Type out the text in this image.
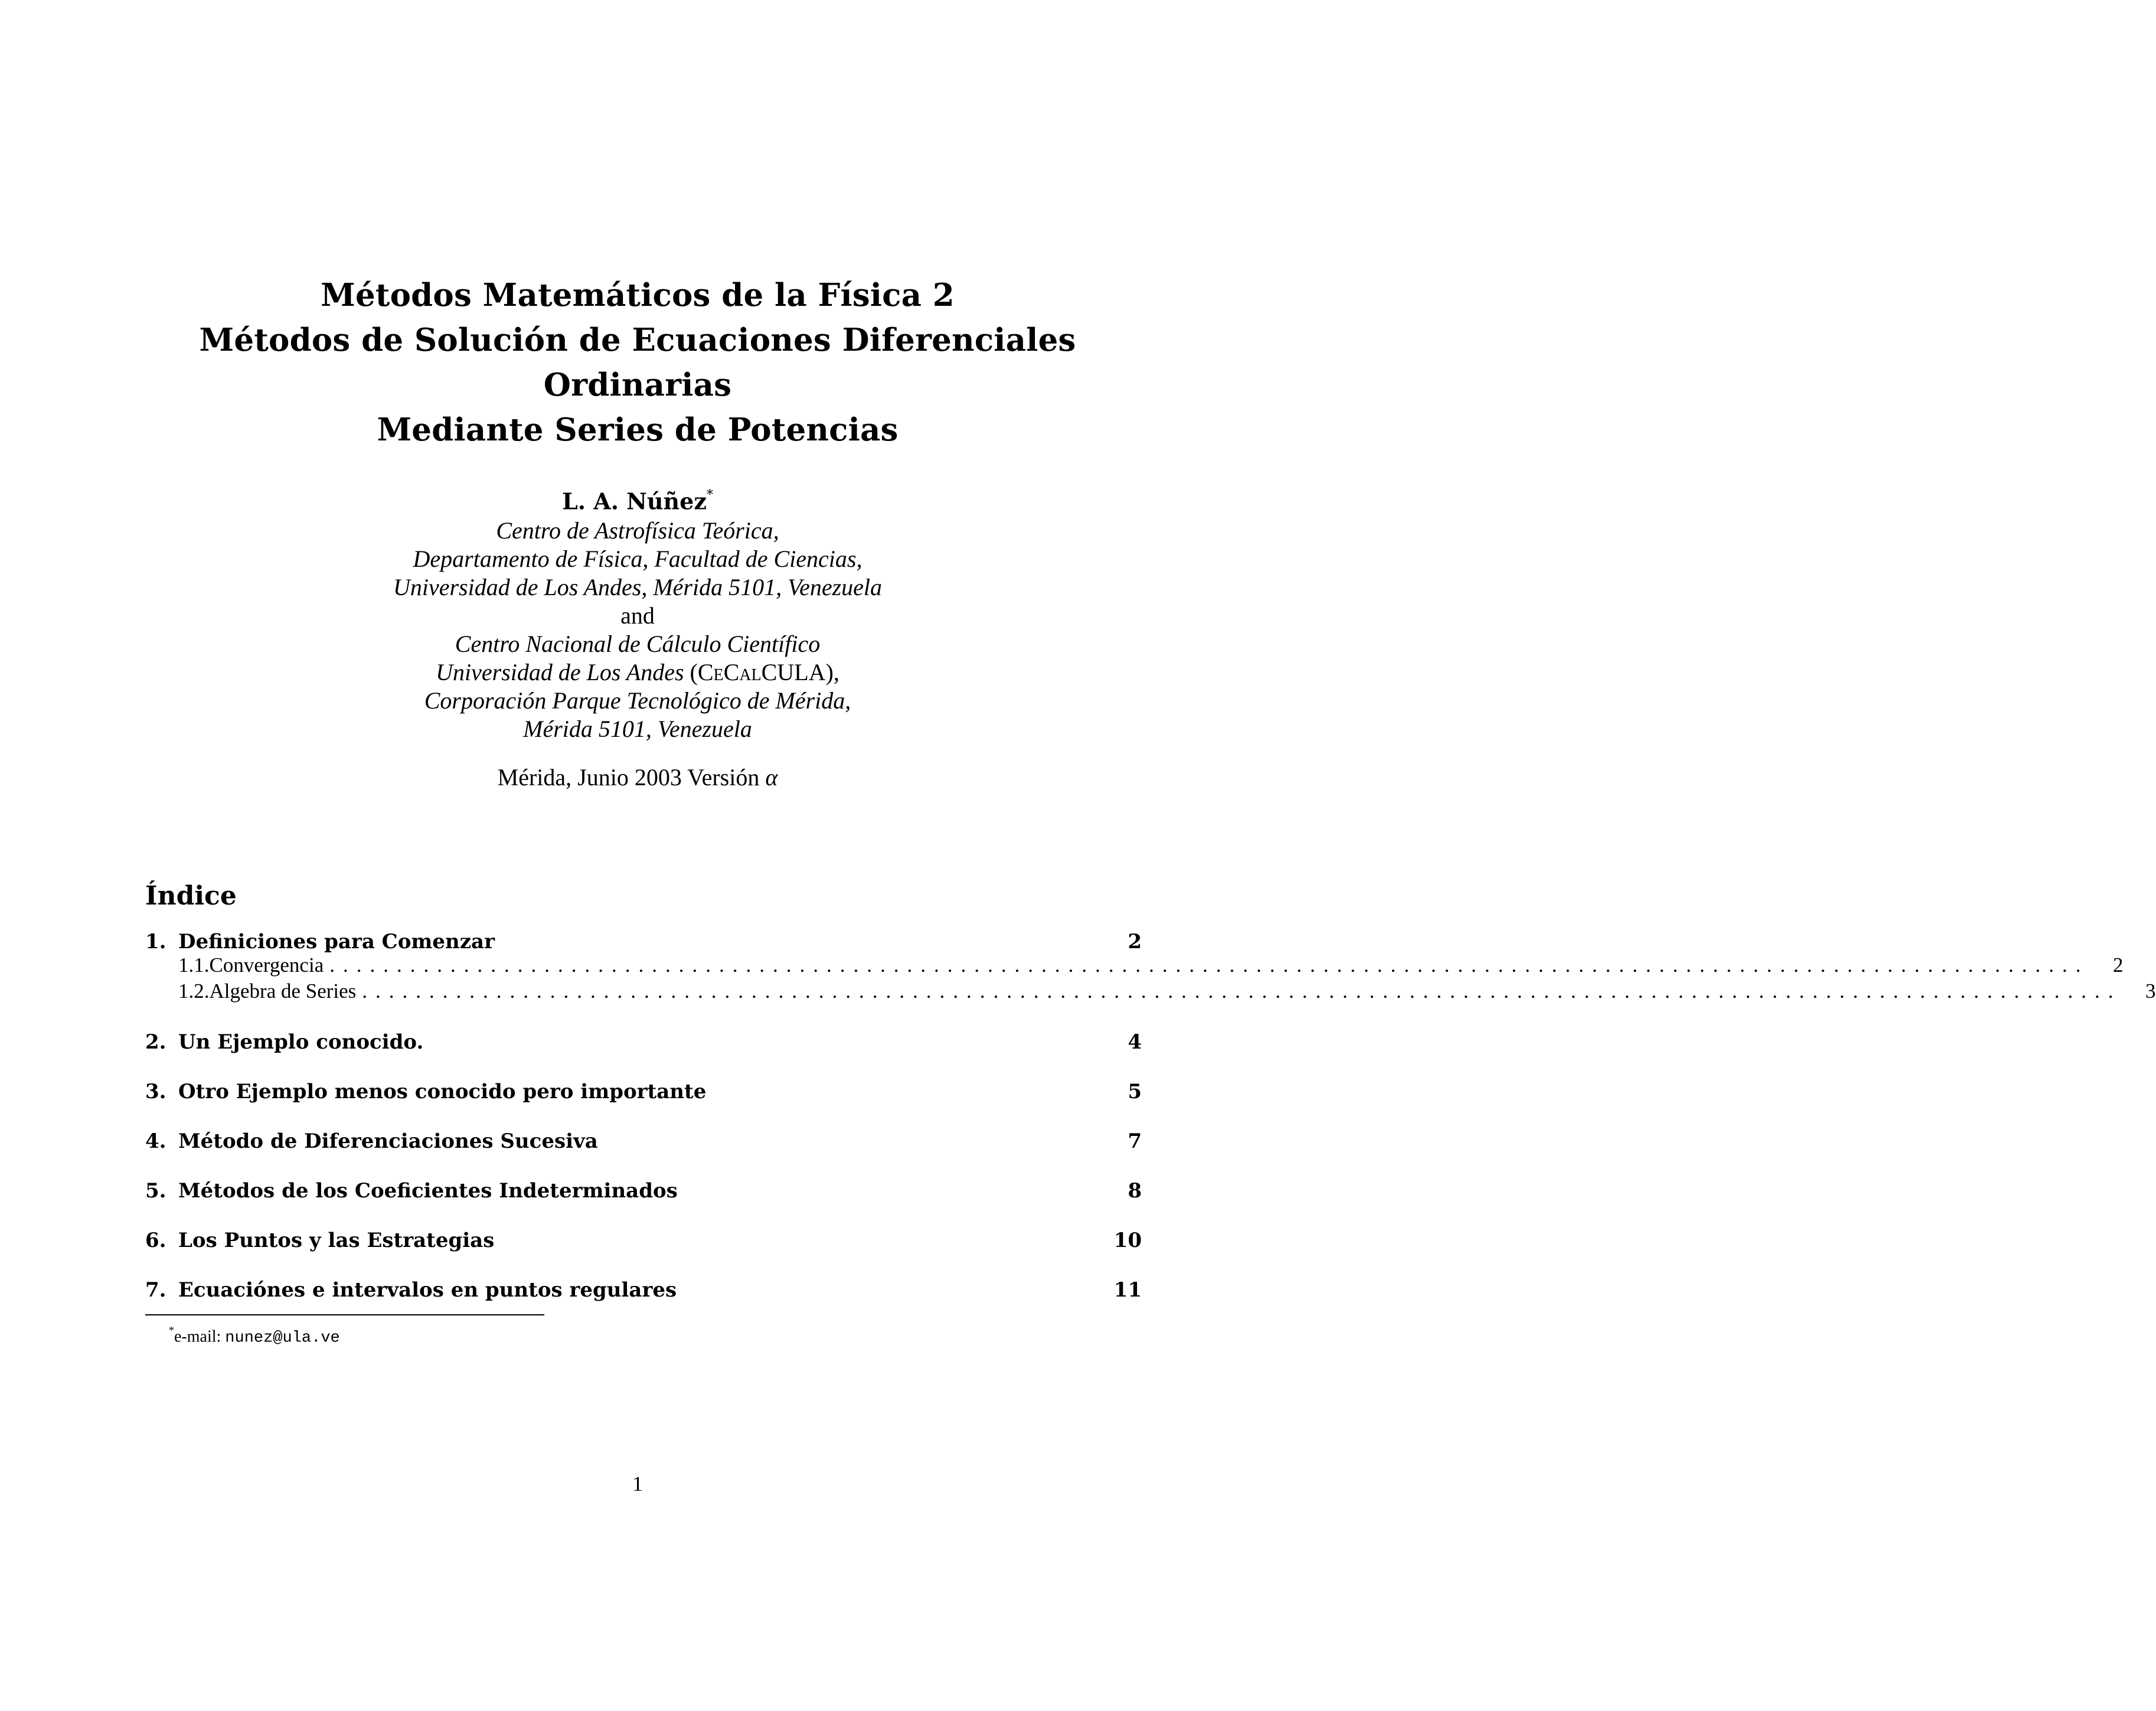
Métodos Matemáticos de la Física 2
Métodos de Solución de Ecuaciones Diferenciales
Ordinarias
Mediante Series de Potencias
L. A. Núñez*
Centro de Astrofísica Teórica,
Departamento de Física, Facultad de Ciencias,
Universidad de Los Andes, Mérida 5101, Venezuela
and
Centro Nacional de Cálculo Científico
Universidad de Los Andes (CeCalCULA),
Corporación Parque Tecnológico de Mérida,
Mérida 5101, Venezuela
Mérida, Junio 2003 Versión α
Índice
1. Definiciones para Comenzar	2
1.1. Convergencia ...................................................................................................................................	2
1.2. Algebra de Series ...................................................................................................................................	3
2. Un Ejemplo conocido.	4
3. Otro Ejemplo menos conocido pero importante	5
4. Método de Diferenciaciones Sucesiva	7
5. Métodos de los Coeficientes Indeterminados	8
6. Los Puntos y las Estrategias	10
7. Ecuaciónes e intervalos en puntos regulares	11
*e-mail: nunez@ula.ve
1
